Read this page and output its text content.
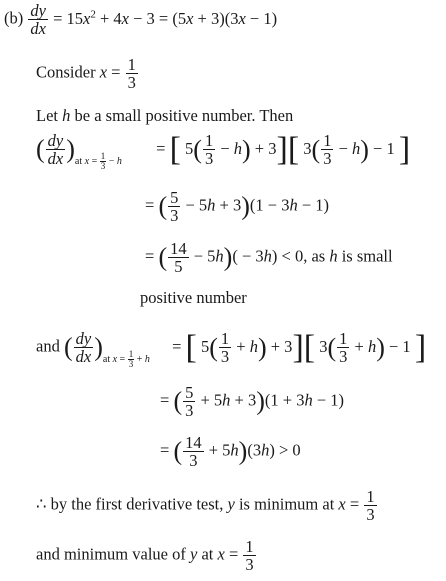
$(b) \frac{dy}{dx} = 15x^2 + 4x - 3 = (5x + 3)(3x - 1)$
Consider $x = \frac{1}{3}$
Let h be a small positive number. Then
( $\frac{dy}{dx} )_{at x = \frac{1}{3} - h}$  = [ $5( \frac{1}{3} - h) + 3$][ $3( \frac{1}{3} - h) - 1$ ]
= ( $\frac{5}{3} - 5h + 3)(1 - 3h - 1)$
= ( $\frac{14}{5} - 5h)( - 3h) < 0$, as h is small
positive number
and ( $\frac{dy}{dx} )_{at x = \frac{1}{3} + h}$  = [ $5( \frac{1}{3} + h) + 3$][ $3( \frac{1}{3} + h) - 1$ ]
= ( $\frac{5}{3} + 5h + 3)(1 + 3h - 1)$
= ( $\frac{14}{3} + 5h)(3h) > 0$
∴ by the first derivative test, y is minimum at $x = \frac{1}{3}$
and minimum value of y at $x = \frac{1}{3}$
